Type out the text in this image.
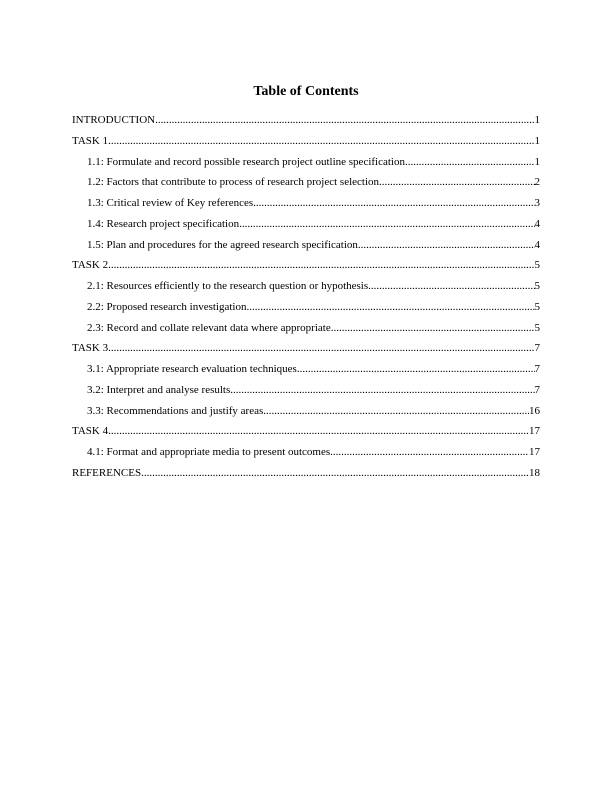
Table of Contents
INTRODUCTION .....	1
TASK 1 .....	1
1.1: Formulate and record possible research project outline specification .....	1
1.2: Factors that contribute to process of research project selection .....	2
1.3: Critical review of Key references .....	3
1.4: Research project specification .....	4
1.5: Plan and procedures for the agreed research specification .....	4
TASK 2 .....	5
2.1: Resources efficiently to the research question or hypothesis .....	5
2.2: Proposed research investigation .....	5
2.3: Record and collate relevant data where appropriate .....	5
TASK 3 .....	7
3.1: Appropriate research evaluation techniques .....	7
3.2: Interpret and analyse results .....	7
3.3: Recommendations and justify areas .....	16
TASK 4 .....	17
4.1: Format and appropriate media to present outcomes .....	17
REFERENCES .....	18
